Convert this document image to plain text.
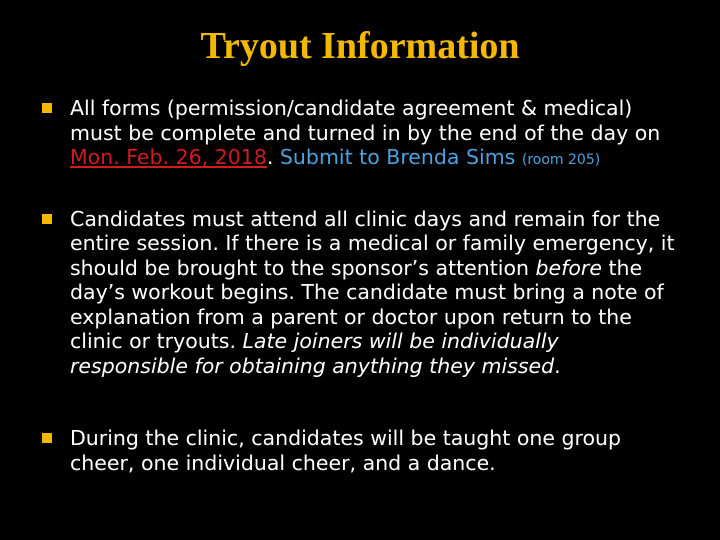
Tryout Information
All forms (permission/candidate agreement & medical) must be complete and turned in by the end of the day on Mon. Feb. 26, 2018. Submit to Brenda Sims (room 205)
Candidates must attend all clinic days and remain for the entire session. If there is a medical or family emergency, it should be brought to the sponsor’s attention before the day’s workout begins. The candidate must bring a note of explanation from a parent or doctor upon return to the clinic or tryouts. Late joiners will be individually responsible for obtaining anything they missed.
During the clinic, candidates will be taught one group cheer, one individual cheer, and a dance.
